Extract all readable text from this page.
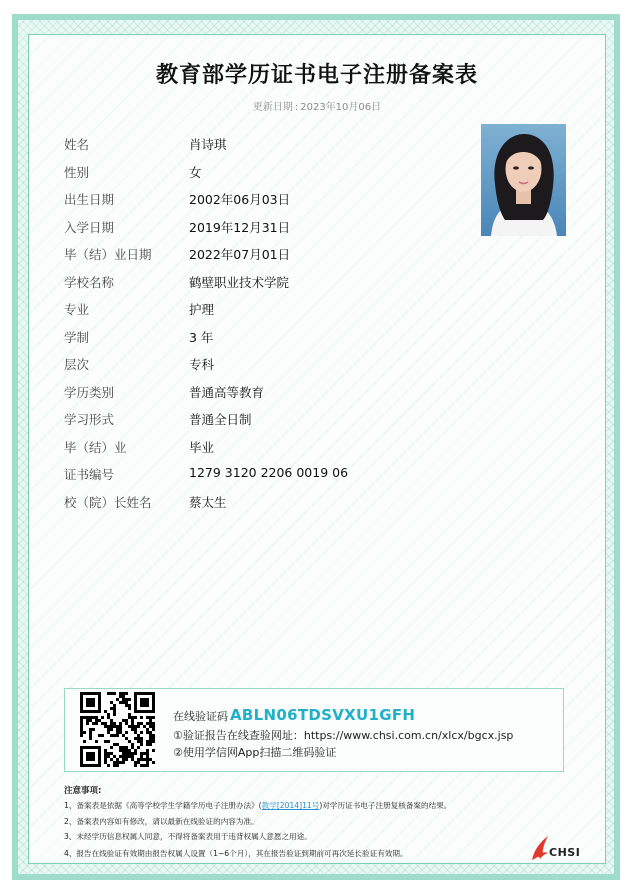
教育部学历证书电子注册备案表
更新日期 : 2023年10月06日
姓名	肖诗琪
性别	女
出生日期	2002年06月03日
入学日期	2019年12月31日
毕（结）业日期	2022年07月01日
学校名称	鹤壁职业技术学院
专业	护理
学制	3 年
层次	专科
学历类别	普通高等教育
学习形式	普通全日制
毕（结）业	毕业
证书编号	1279 3120 2206 0019 06
校（院）长姓名	蔡太生
在线验证码 ABLN06TDSVXU1GFH
①验证报告在线查验网址：https://www.chsi.com.cn/xlcx/bgcx.jsp
②使用学信网App扫描二维码验证
注意事项:
1、备案表是依据《高等学校学生学籍学历电子注册办法》(教学[2014]11号)对学历证书电子注册复核备案的结果。
2、备案表内容如有修改，请以最新在线验证的内容为准。
3、未经学历信息权属人同意，不得将备案表用于违背权属人意愿之用途。
4、报告在线验证有效期由报告权属人设置（1~6个月），其在报告验证到期前可再次延长验证有效期。	CHSI
